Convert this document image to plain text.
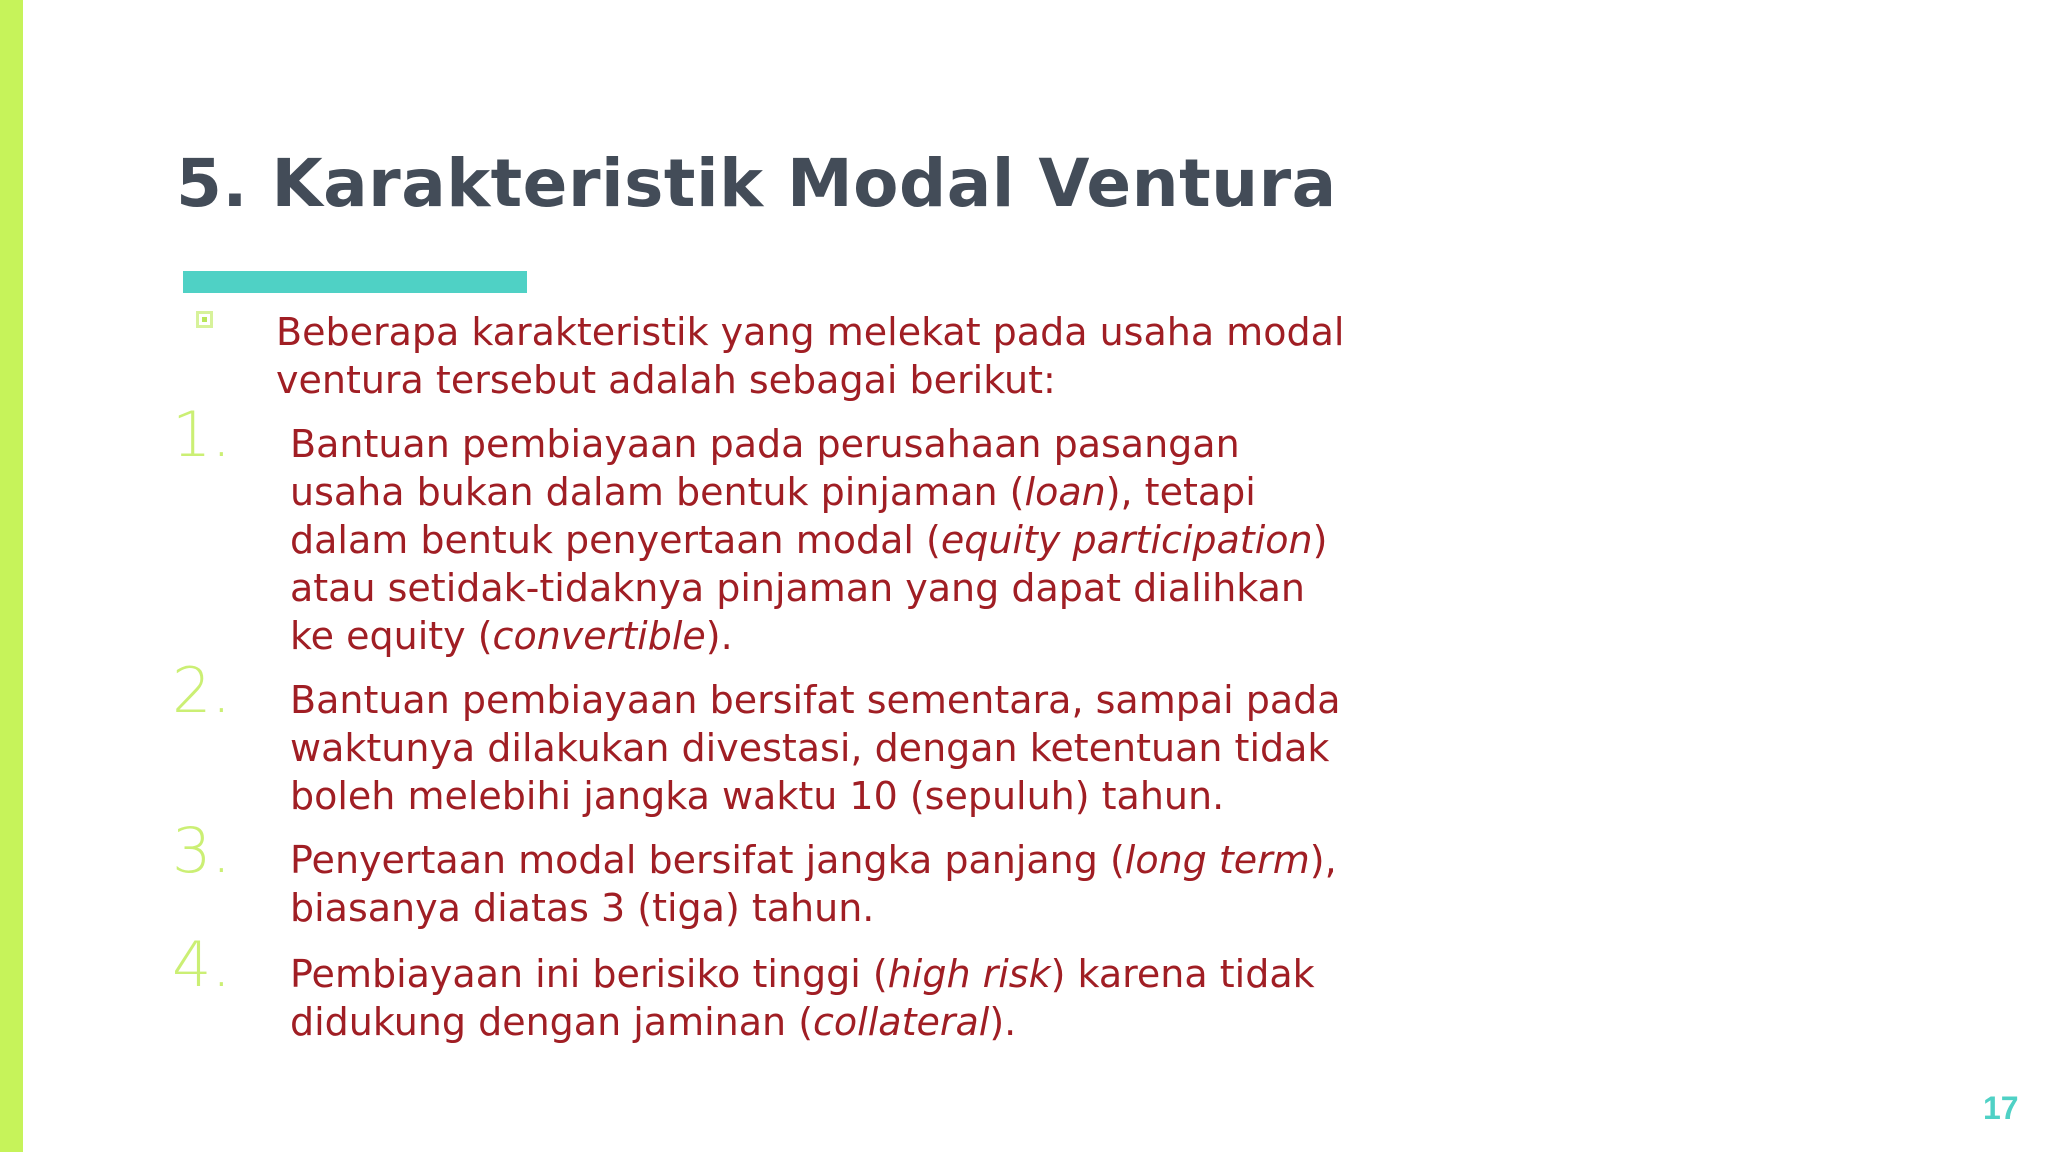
5. Karakteristik Modal Ventura

Beberapa karakteristik yang melekat pada usaha modal ventura tersebut adalah sebagai berikut:

1. Bantuan pembiayaan pada perusahaan pasangan
usaha bukan dalam bentuk pinjaman (loan), tetapi
dalam bentuk penyertaan modal (equity participation)
atau setidak-tidaknya pinjaman yang dapat dialihkan
ke equity (convertible).

2. Bantuan pembiayaan bersifat sementara, sampai pada
waktunya dilakukan divestasi, dengan ketentuan tidak
boleh melebihi jangka waktu 10 (sepuluh) tahun.

3. Penyertaan modal bersifat jangka panjang (long term),
biasanya diatas 3 (tiga) tahun.

4. Pembiayaan ini berisiko tinggi (high risk) karena tidak
didukung dengan jaminan (collateral).

17
